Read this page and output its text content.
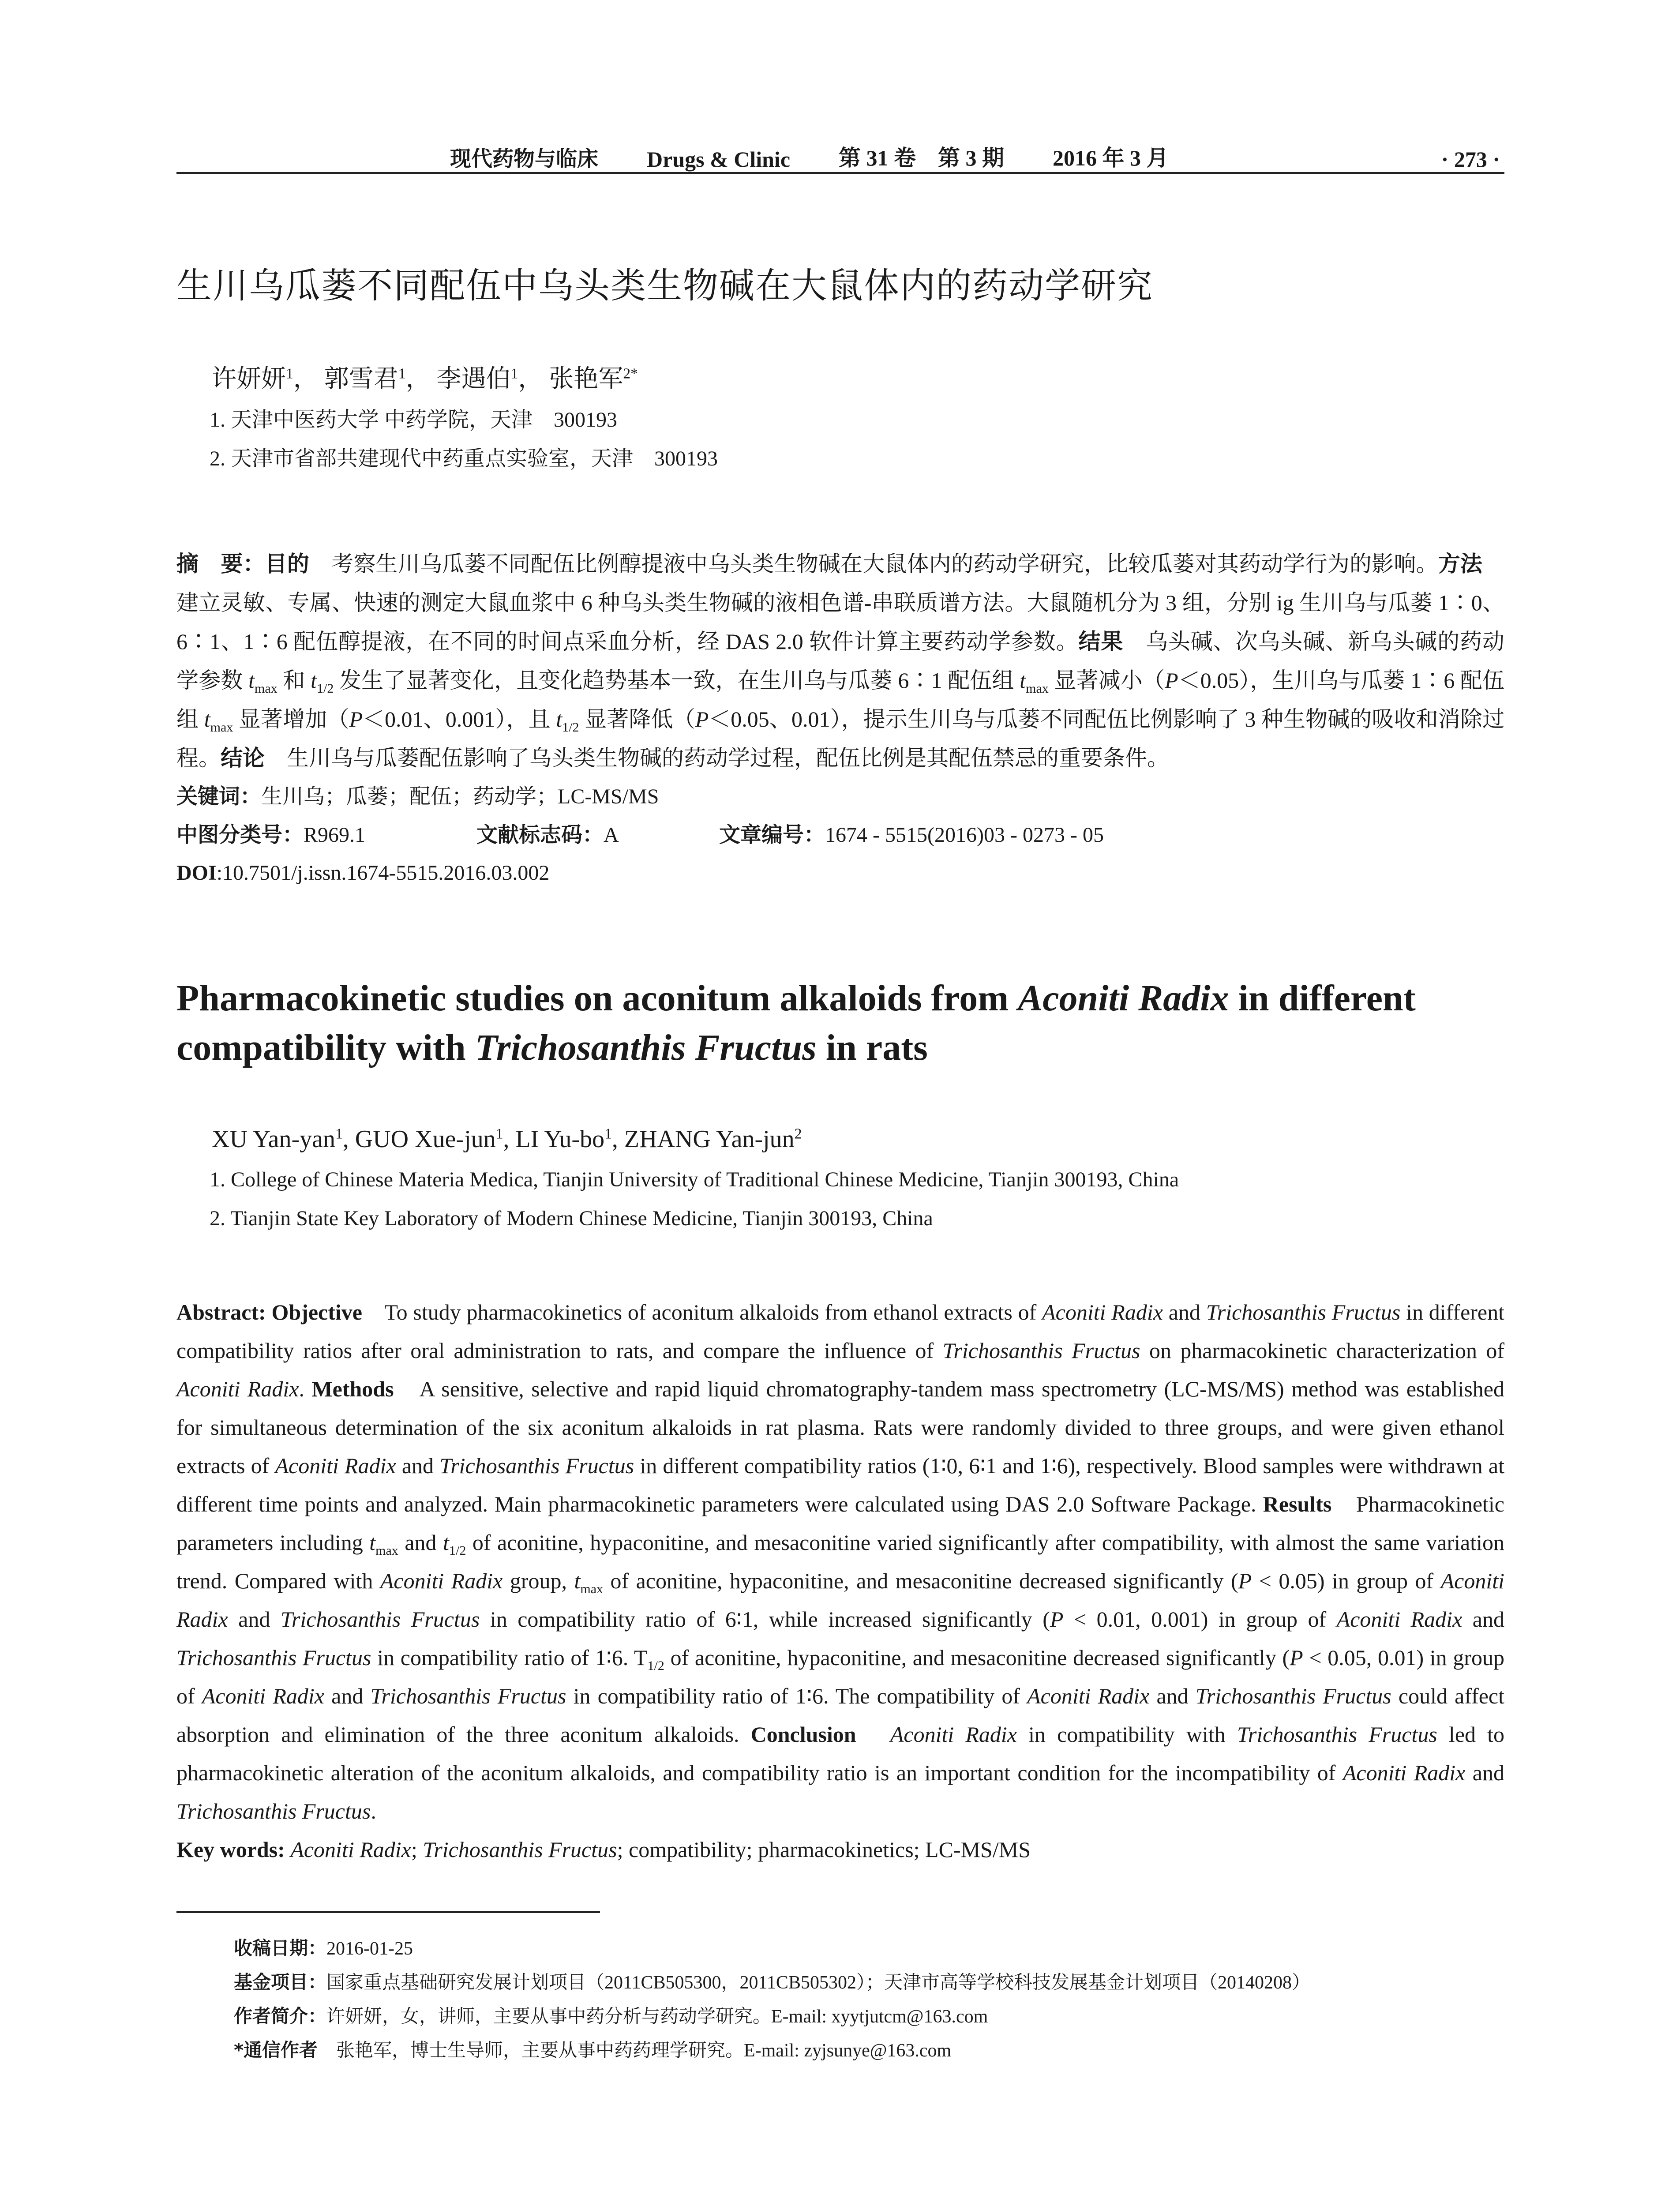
现代药物与临床 Drugs & Clinic 第 31 卷　第 3 期 2016 年 3 月	· 273 ·
生川乌瓜蒌不同配伍中乌头类生物碱在大鼠体内的药动学研究
许妍妍$^1$， 郭雪君$^1$， 李遇伯$^1$， 张艳军$^{2*}$
1. 天津中医药大学 中药学院，天津　300193
2. 天津市省部共建现代中药重点实验室，天津　300193
摘　要：目的　考察生川乌瓜蒌不同配伍比例醇提液中乌头类生物碱在大鼠体内的药动学研究，比较瓜蒌对其药动学行为的影响。方法　建立灵敏、专属、快速的测定大鼠血浆中 6 种乌头类生物碱的液相色谱-串联质谱方法。大鼠随机分为 3 组，分别 ig 生川乌与瓜蒌 1∶0、6∶1、1∶6 配伍醇提液，在不同的时间点采血分析，经 DAS 2.0 软件计算主要药动学参数。结果　乌头碱、次乌头碱、新乌头碱的药动学参数 $t_{max}$ 和 $t_{1/2}$ 发生了显著变化，且变化趋势基本一致，在生川乌与瓜蒌 6∶1 配伍组 $t_{max}$ 显著减小（P＜0.05），生川乌与瓜蒌 1∶6 配伍组 $t_{max}$ 显著增加（P＜0.01、0.001），且 $t_{1/2}$ 显著降低（P＜0.05、0.01），提示生川乌与瓜蒌不同配伍比例影响了 3 种生物碱的吸收和消除过程。结论　生川乌与瓜蒌配伍影响了乌头类生物碱的药动学过程，配伍比例是其配伍禁忌的重要条件。
关键词：生川乌；瓜蒌；配伍；药动学；LC-MS/MS
中图分类号：R969.1	文献标志码：A	文章编号：1674 - 5515(2016)03 - 0273 - 05
DOI:10.7501/j.issn.1674-5515.2016.03.002
Pharmacokinetic studies on aconitum alkaloids from Aconiti Radix in different compatibility with Trichosanthis Fructus in rats
XU Yan-yan$^1$, GUO Xue-jun$^1$, LI $Yu-bo^1$, ZHANG Yan-jun$^2$
1. College of Chinese Materia Medica, Tianjin University of Traditional Chinese Medicine, Tianjin 300193, China
2. Tianjin State Key Laboratory of Modern Chinese Medicine, Tianjin 300193, China
Abstract: Objective　To study pharmacokinetics of aconitum alkaloids from ethanol extracts of Aconiti Radix and Trichosanthis Fructus in different compatibility ratios after oral administration to rats, and compare the influence of Trichosanthis Fructus on pharmacokinetic characterization of Aconiti Radix. Methods　A sensitive, selective and rapid liquid chromatography-tandem mass spectrometry (LC-MS/MS) method was established for simultaneous determination of the six aconitum alkaloids in rat plasma. Rats were randomly divided to three groups, and were given ethanol extracts of Aconiti Radix and Trichosanthis Fructus in different compatibility ratios (1∶0, 6∶1 and 1∶6), respectively. Blood samples were withdrawn at different time points and analyzed. Main pharmacokinetic parameters were calculated using DAS 2.0 Software Package. Results　Pharmacokinetic parameters including $t_{max}$ and $t_{1/2}$ of aconitine, hypaconitine, and mesaconitine varied significantly after compatibility, with almost the same variation trend. Compared with Aconiti Radix group, $t_{max}$ of aconitine, hypaconitine, and mesaconitine decreased significantly (P < 0.05) in group of Aconiti Radix and Trichosanthis Fructus in compatibility ratio of 6∶1, while increased significantly (P < 0.01, 0.001) in group of Aconiti Radix and Trichosanthis Fructus in compatibility ratio of 1∶6. $T_{1/2}$ of aconitine, hypaconitine, and mesaconitine decreased significantly (P < 0.05, 0.01) in group of Aconiti Radix and Trichosanthis Fructus in compatibility ratio of 1∶6. The compatibility of Aconiti Radix and Trichosanthis Fructus could affect absorption and elimination of the three aconitum alkaloids. Conclusion　 Aconiti Radix in compatibility with Trichosanthis Fructus led to pharmacokinetic alteration of the aconitum alkaloids, and compatibility ratio is an important condition for the incompatibility of Aconiti Radix and Trichosanthis Fructus.
Key words: Aconiti Radix; Trichosanthis Fructus; compatibility; pharmacokinetics; LC-MS/MS
收稿日期：2016-01-25
基金项目：国家重点基础研究发展计划项目（2011CB505300，2011CB505302）；天津市高等学校科技发展基金计划项目（20140208）
作者简介：许妍妍，女，讲师，主要从事中药分析与药动学研究。E-mail: xyytjutcm@163.com
*通信作者　张艳军，博士生导师，主要从事中药药理学研究。E-mail: zyjsunye@163.com
